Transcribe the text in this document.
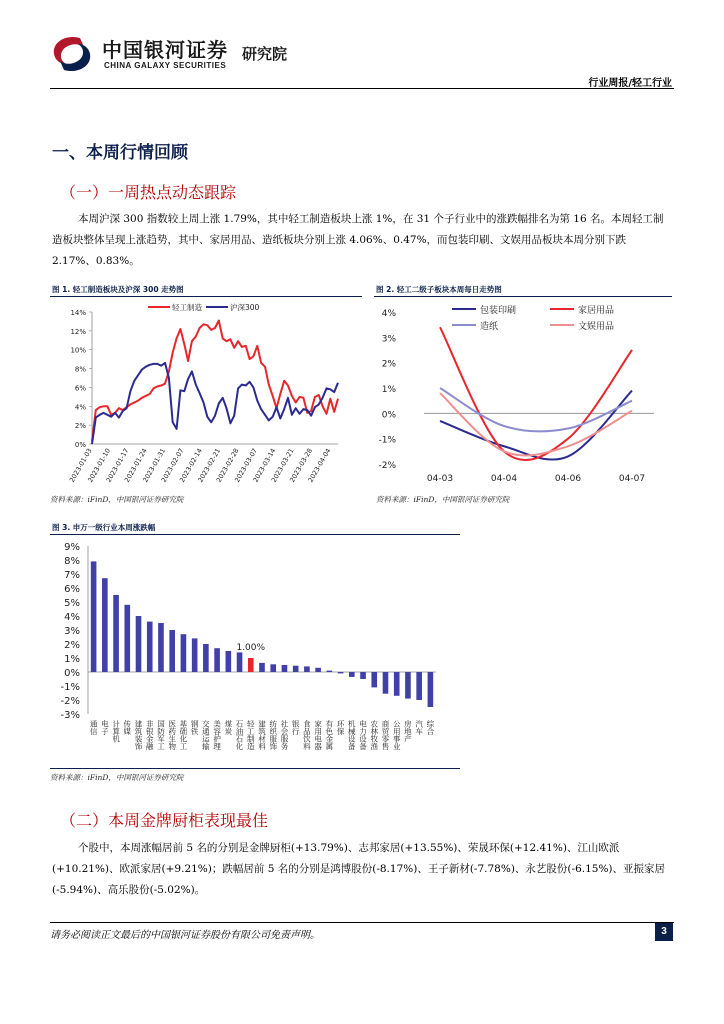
中国银河证券
CHINA GALAXY SECURITIES
研究院
行业周报/轻工行业
一、本周行情回顾
（一）一周热点动态跟踪
本周沪深 300 指数较上周上涨 1.79%，其中轻工制造板块上涨 1%，在 31 个子行业中的涨跌幅排名为第 16 名。本周轻工制造板块整体呈现上涨趋势，其中、家居用品、造纸板块分别上涨 4.06%、0.47%，而包装印刷、文娱用品板块本周分别下跌 2.17%、0.83%。
图 1. 轻工制造板块及沪深 300 走势图
0%
2%
4%
6%
8%
10%
12%
14%
2023-01-03
2023-01-10
2023-01-17
2023-01-24
2023-01-31
2023-02-07
2023-02-14
2023-02-21
2023-02-28
2023-03-07
2023-03-14
2023-03-21
2023-03-28
2023-04-04
轻工制造	沪深300
资料来源：iFinD，中国银河证券研究院
图 2. 轻工二级子板块本周每日走势图
4%
3%
2%
1%
0%
-1%
-2%
04-03	04-04	04-06	04-07
包装印刷	家居用品
造纸	文娱用品
资料来源：iFinD，中国银河证券研究院
图 3. 申万一级行业本周涨跌幅
9%
8%
7%
6%
5%
4%
3%
2%
1%
0%
-1%
-2%
-3%
通信 电子 计算机 传媒 建筑装饰 非银金融 国防军工 医药生物 基础化工 钢铁 交通运输 美容护理 煤炭 石油石化 轻工制造 建筑材料 纺织服饰 社会服务 银行 食品饮料 家用电器 有色金属 环保 机械设备 电力设备 农林牧渔 商贸零售 公用事业 房地产 汽车 综合
1.00%
资料来源：iFinD，中国银河证券研究院
（二）本周金牌厨柜表现最佳
个股中，本周涨幅居前 5 名的分别是金牌厨柜(+13.79%)、志邦家居(+13.55%)、荣晟环保(+12.41%)、江山欧派(+10.21%)、欧派家居(+9.21%)；跌幅居前 5 名的分别是鸿博股份(-8.17%)、王子新材(-7.78%)、永艺股份(-6.15%)、亚振家居(-5.94%)、高乐股份(-5.02%)。
请务必阅读正文最后的中国银河证券股份有限公司免责声明。	3
